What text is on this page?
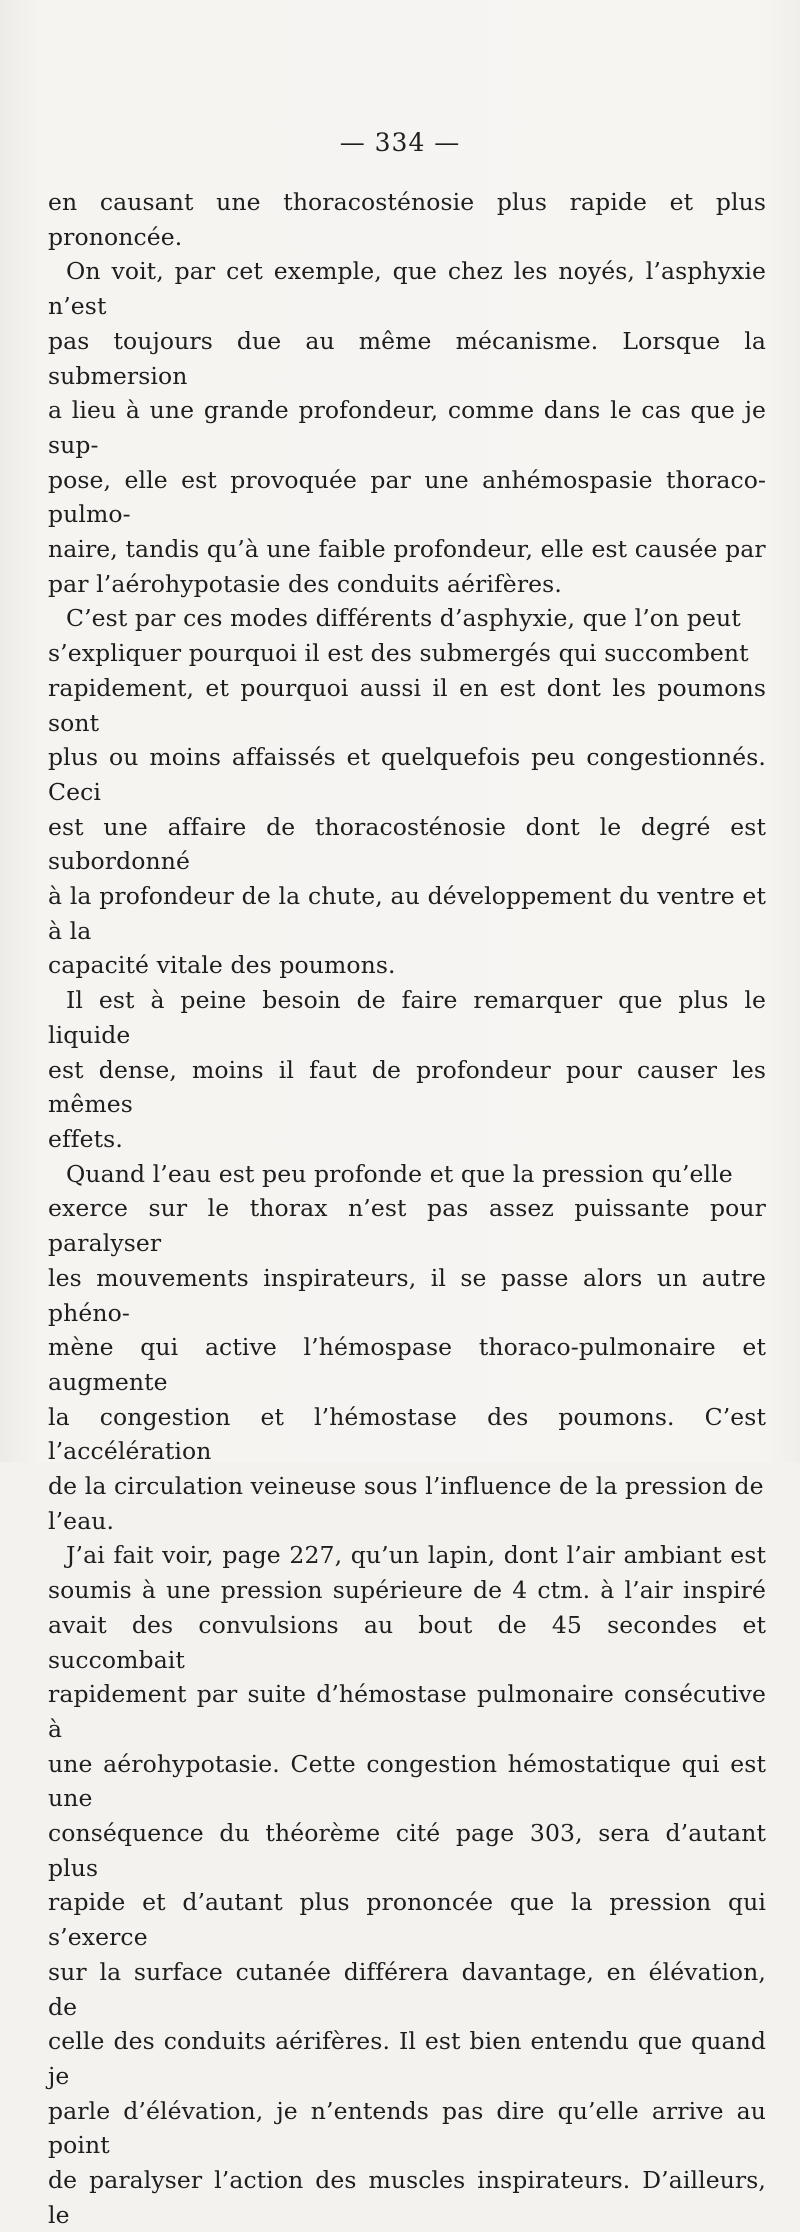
— 334 —

en causant une thoracosténosie plus rapide et plus prononcée.

On voit, par cet exemple, que chez les noyés, l’asphyxie n’est
pas toujours due au même mécanisme. Lorsque la submersion
a lieu à une grande profondeur, comme dans le cas que je sup-
pose, elle est provoquée par une anhémospasie thoraco-pulmo-
naire, tandis qu’à une faible profondeur, elle est causée par
par l’aérohypotasie des conduits aérifères.

C’est par ces modes différents d’asphyxie, que l’on peut
s’expliquer pourquoi il est des submergés qui succombent
rapidement, et pourquoi aussi il en est dont les poumons sont
plus ou moins affaissés et quelquefois peu congestionnés. Ceci
est une affaire de thoracosténosie dont le degré est subordonné
à la profondeur de la chute, au développement du ventre et à la
capacité vitale des poumons.

Il est à peine besoin de faire remarquer que plus le liquide
est dense, moins il faut de profondeur pour causer les mêmes
effets.

Quand l’eau est peu profonde et que la pression qu’elle
exerce sur le thorax n’est pas assez puissante pour paralyser
les mouvements inspirateurs, il se passe alors un autre phéno-
mène qui active l’hémospase thoraco-pulmonaire et augmente
la congestion et l’hémostase des poumons. C’est l’accélération
de la circulation veineuse sous l’influence de la pression de
l’eau.

J’ai fait voir, page 227, qu’un lapin, dont l’air ambiant est
soumis à une pression supérieure de 4 ctm. à l’air inspiré
avait des convulsions au bout de 45 secondes et succombait
rapidement par suite d’hémostase pulmonaire consécutive à
une aérohypotasie. Cette congestion hémostatique qui est une
conséquence du théorème cité page 303, sera d’autant plus
rapide et d’autant plus prononcée que la pression qui s’exerce
sur la surface cutanée différera davantage, en élévation, de
celle des conduits aérifères. Il est bien entendu que quand je
parle d’élévation, je n’entends pas dire qu’elle arrive au point
de paralyser l’action des muscles inspirateurs. D’ailleurs, le
